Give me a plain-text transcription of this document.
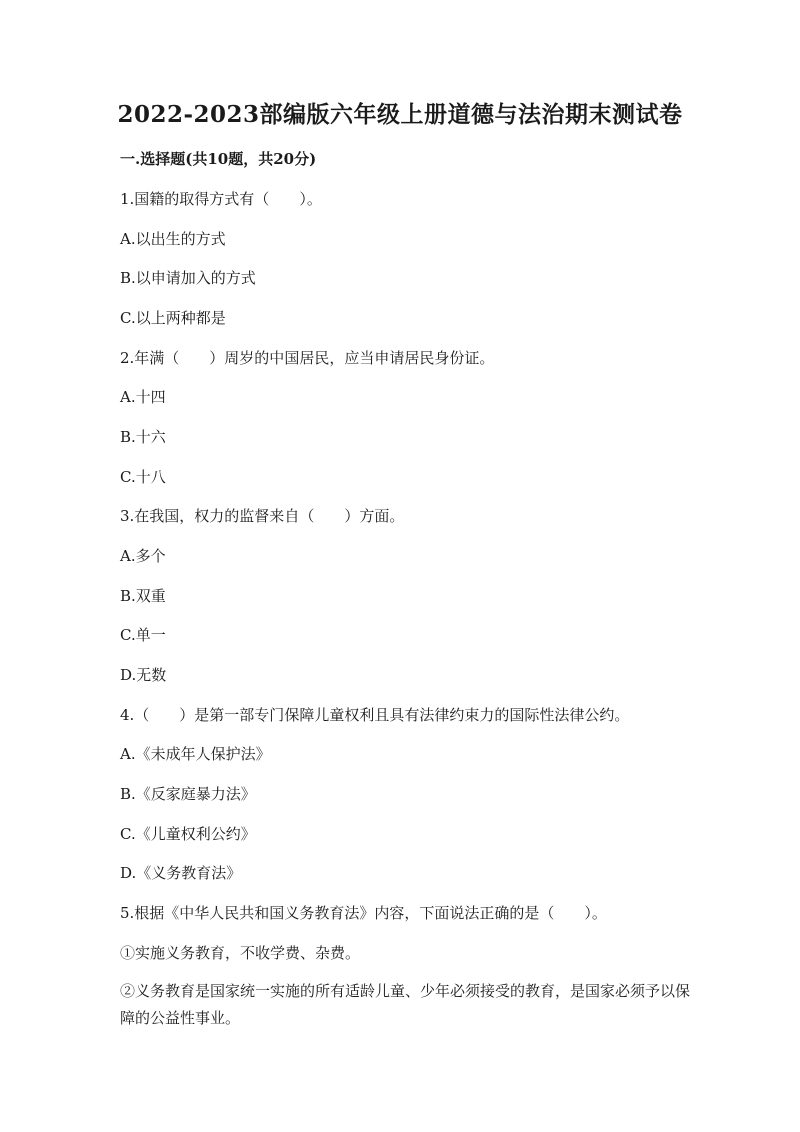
2022-2023部编版六年级上册道德与法治期末测试卷
一.选择题(共10题，共20分)
1.国籍的取得方式有（　　）。
A.以出生的方式
B.以申请加入的方式
C.以上两种都是
2.年满（　　）周岁的中国居民，应当申请居民身份证。
A.十四
B.十六
C.十八
3.在我国，权力的监督来自（　　）方面。
A.多个
B.双重
C.单一
D.无数
4.（　　）是第一部专门保障儿童权利且具有法律约束力的国际性法律公约。
A.《未成年人保护法》
B.《反家庭暴力法》
C.《儿童权利公约》
D.《义务教育法》
5.根据《中华人民共和国义务教育法》内容，下面说法正确的是（　　）。
①实施义务教育，不收学费、杂费。
②义务教育是国家统一实施的所有适龄儿童、少年必须接受的教育，是国家必须予以保障的公益性事业。
